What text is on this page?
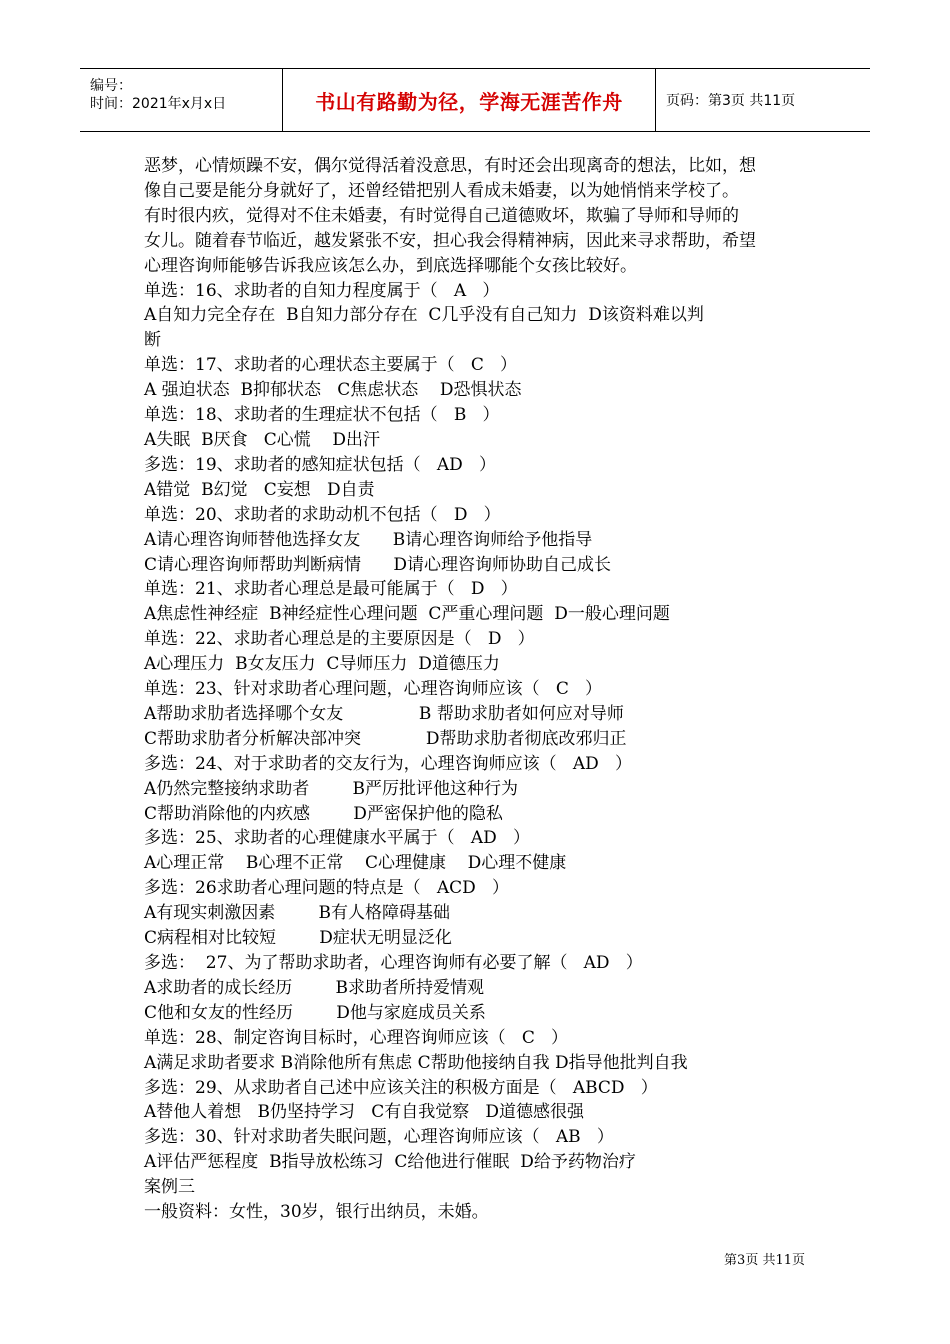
编号：
时间：2021年x月x日	书山有路勤为径，学海无涯苦作舟	页码：第3页 共11页
恶梦，心情烦躁不安，偶尔觉得活着没意思，有时还会出现离奇的想法，比如，想
像自己要是能分身就好了，还曾经错把别人看成未婚妻，以为她悄悄来学校了。
有时很内疚，觉得对不住未婚妻，有时觉得自己道德败坏，欺骗了导师和导师的
女儿。随着春节临近，越发紧张不安，担心我会得精神病，因此来寻求帮助，希望
心理咨询师能够告诉我应该怎么办，到底选择哪能个女孩比较好。
单选：16、求助者的自知力程度属于（   A   ）
A自知力完全存在  B自知力部分存在  C几乎没有自己知力  D该资料难以判
断
单选：17、求助者的心理状态主要属于（   C   ）
A 强迫状态  B抑郁状态   C焦虑状态    D恐惧状态
单选：18、求助者的生理症状不包括（   B   ）
A失眠  B厌食   C心慌    D出汗
多选：19、求助者的感知症状包括（   AD   ）
A错觉  B幻觉   C妄想   D自责
单选：20、求助者的求助动机不包括（   D   ）
A请心理咨询师替他选择女友      B请心理咨询师给予他指导
C请心理咨询师帮助判断病情      D请心理咨询师协助自己成长
单选：21、求助者心理总是最可能属于（   D   ）
A焦虑性神经症  B神经症性心理问题  C严重心理问题  D一般心理问题
单选：22、求助者心理总是的主要原因是（   D   ）
A心理压力  B女友压力  C导师压力  D道德压力
单选：23、针对求助者心理问题，心理咨询师应该（   C   ）
A帮助求肋者选择哪个女友              B 帮助求肋者如何应对导师
C帮助求肋者分析解决部冲突            D帮助求肋者彻底改邪归正
多选：24、对于求助者的交友行为，心理咨询师应该（   AD   ）
A仍然完整接纳求助者        B严厉批评他这种行为
C帮助消除他的内疚感        D严密保护他的隐私
多选：25、求助者的心理健康水平属于（   AD   ）
A心理正常    B心理不正常    C心理健康    D心理不健康
多选：26求助者心理问题的特点是（   ACD   ）
A有现实刺激因素        B有人格障碍基础
C病程相对比较短        D症状无明显泛化
多选：  27、为了帮助求助者，心理咨询师有必要了解（   AD   ）
A求助者的成长经历        B求助者所持爱情观
C他和女友的性经历        D他与家庭成员关系
单选：28、制定咨询目标时，心理咨询师应该（   C   ）
A满足求助者要求 B消除他所有焦虑 C帮助他接纳自我 D指导他批判自我
多选：29、从求助者自己述中应该关注的积极方面是（   ABCD   ）
A替他人着想   B仍坚持学习   C有自我觉察   D道德感很强
多选：30、针对求助者失眠问题，心理咨询师应该（   AB   ）
A评估严惩程度  B指导放松练习  C给他进行催眠  D给予药物治疗
案例三
一般资料：女性，30岁，银行出纳员，未婚。
第3页 共11页
